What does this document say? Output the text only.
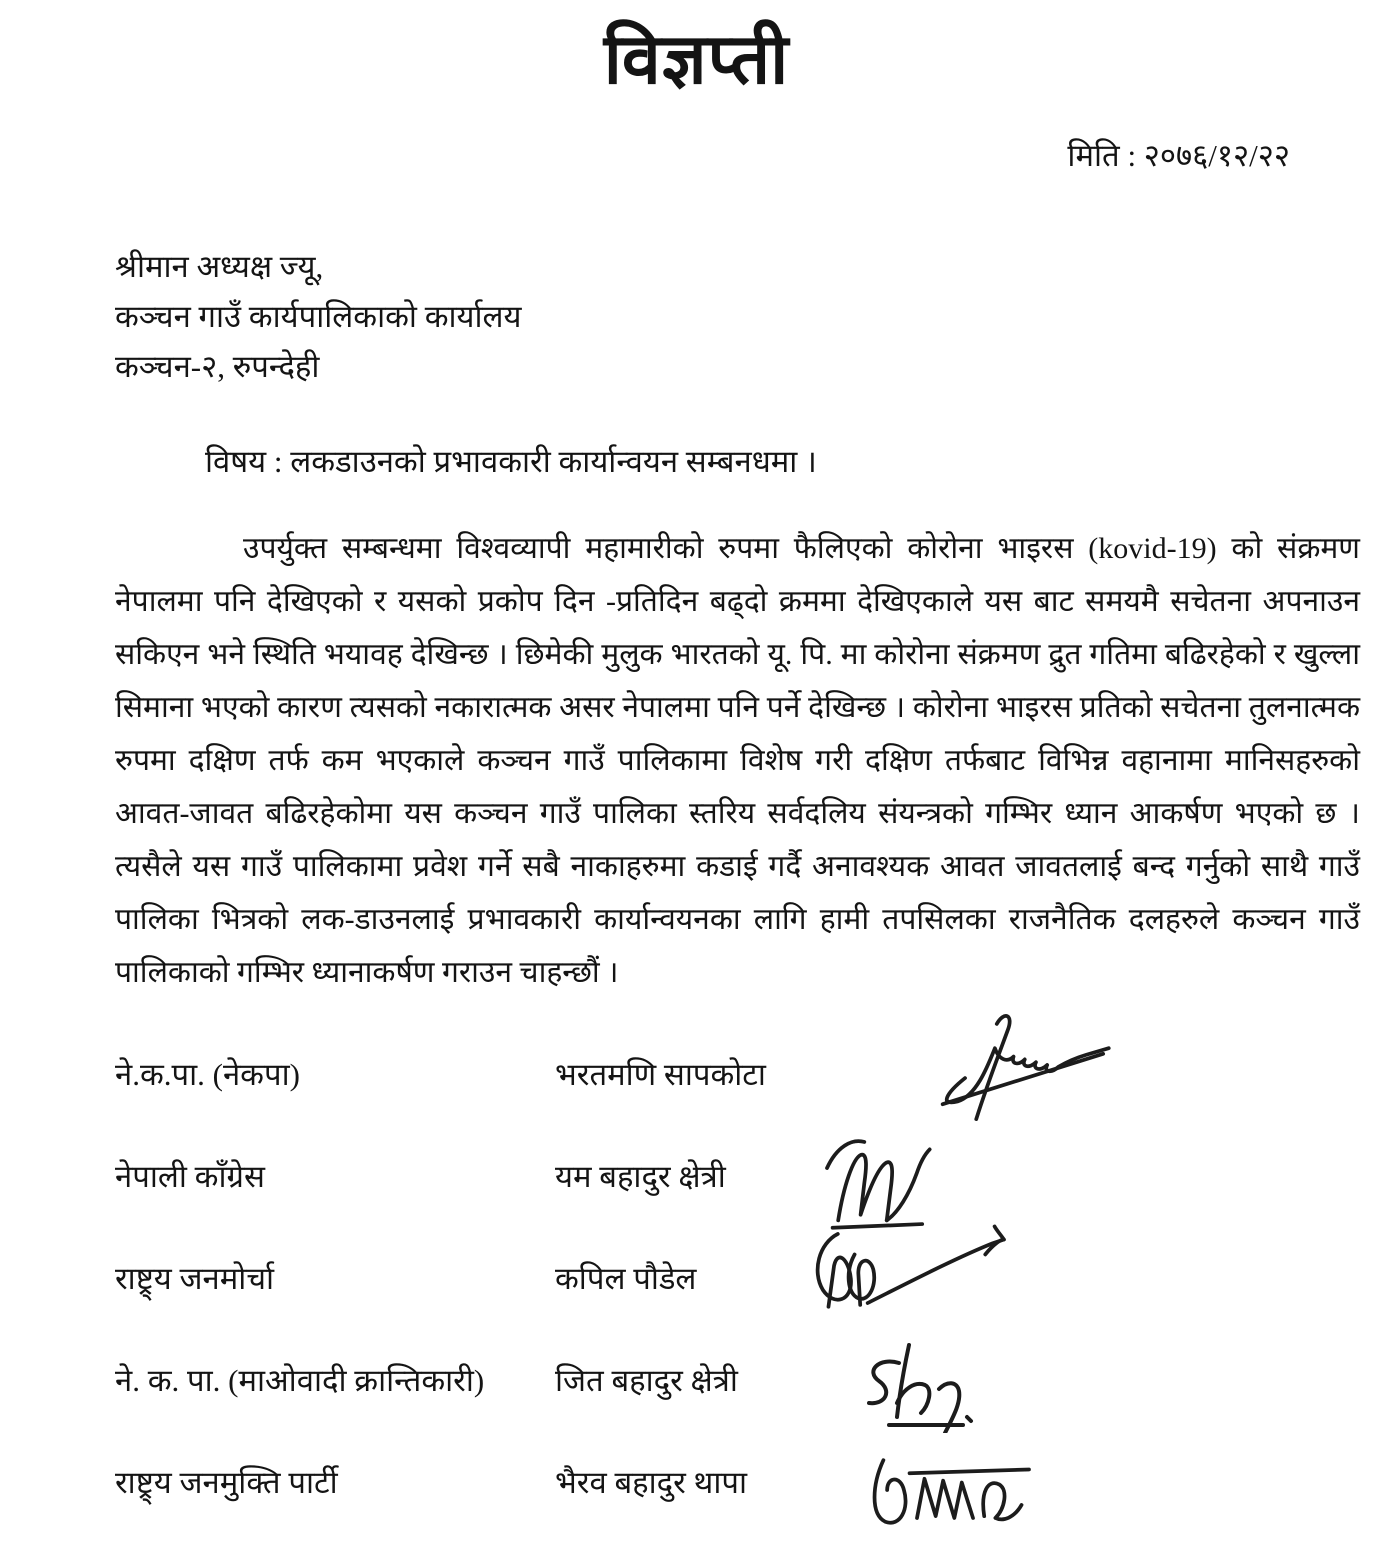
विज्ञप्ती
मिति : २०७६/१२/२२
श्रीमान अध्यक्ष ज्यू,
कञ्चन गाउँ कार्यपालिकाको कार्यालय
कञ्चन-२, रुपन्देही
विषय : लकडाउनको प्रभावकारी कार्यान्वयन सम्बनधमा ।

उपर्युक्त सम्बन्धमा विश्वव्यापी महामारीको रुपमा फैलिएको कोरोना भाइरस (kovid-19) को संक्रमण नेपालमा पनि देखिएको र यसको प्रकोप दिन -प्रतिदिन बढ्दो क्रममा देखिएकाले यस बाट समयमै सचेतना अपनाउन सकिएन भने स्थिति भयावह देखिन्छ । छिमेकी मुलुक भारतको यू. पि. मा कोरोना संक्रमण द्रुत गतिमा बढिरहेको र खुल्ला सिमाना भएको कारण त्यसको नकारात्मक असर नेपालमा पनि पर्ने देखिन्छ । कोरोना भाइरस प्रतिको सचेतना तुलनात्मक रुपमा दक्षिण तर्फ कम भएकाले कञ्चन गाउँ पालिकामा विशेष गरी दक्षिण तर्फबाट विभिन्न वहानामा मानिसहरुको आवत-जावत बढिरहेकोमा यस कञ्चन गाउँ पालिका स्तरिय सर्वदलिय संयन्त्रको गम्भिर ध्यान आकर्षण भएको छ । त्यसैले यस गाउँ पालिकामा प्रवेश गर्ने सबै नाकाहरुमा कडाई गर्दै अनावश्यक आवत जावतलाई बन्द गर्नुको साथै गाउँ पालिका भित्रको लक-डाउनलाई प्रभावकारी कार्यान्वयनका लागि हामी तपसिलका राजनैतिक दलहरुले कञ्चन गाउँ पालिकाको गम्भिर ध्यानाकर्षण गराउन चाहन्छौं ।

ने.क.पा. (नेकपा)	भरतमणि सापकोटा
नेपाली काँग्रेस	यम बहादुर क्षेत्री
राष्ट्र्य जनमोर्चा	कपिल पौडेल
ने. क. पा. (माओवादी क्रान्तिकारी)	जित बहादुर क्षेत्री
राष्ट्र्य जनमुक्ति पार्टी	भैरव बहादुर थापा
